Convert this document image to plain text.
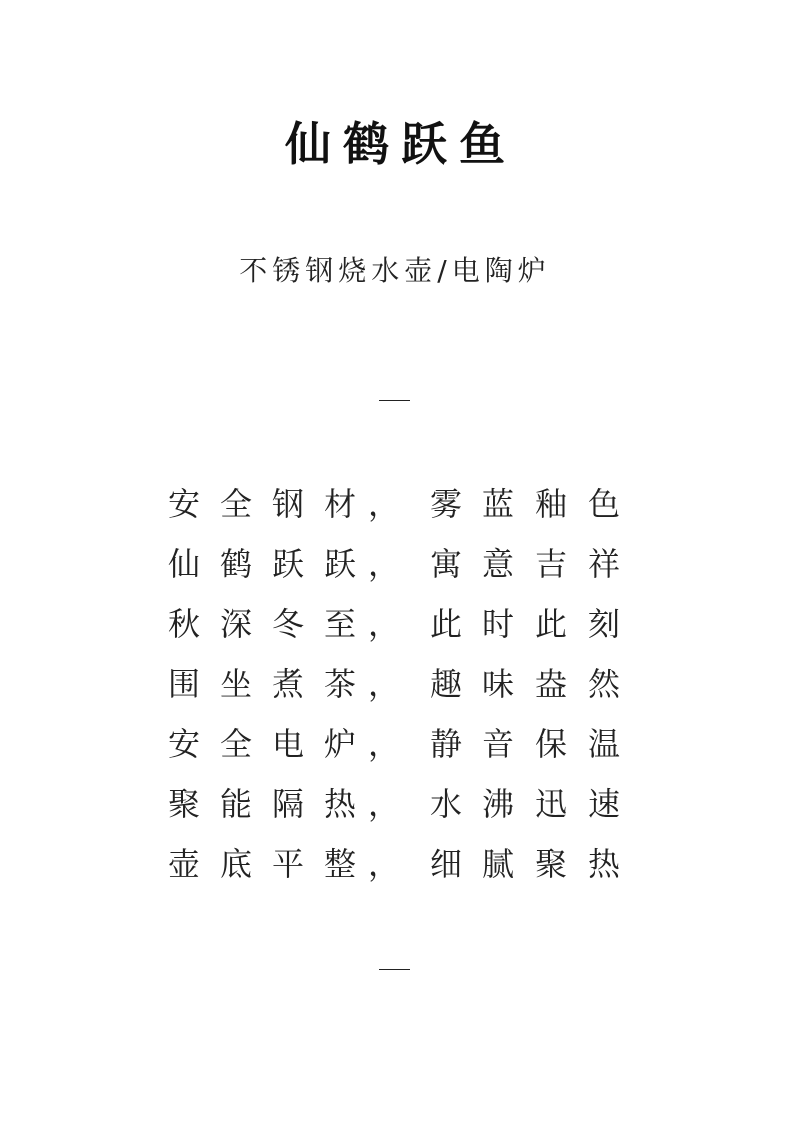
仙鹤跃鱼
不锈钢烧水壶/电陶炉
安 全 钢 材 ， 雾 蓝 釉 色
仙 鹤 跃 跃 ， 寓 意 吉 祥
秋 深 冬 至 ， 此 时 此 刻
围 坐 煮 茶 ， 趣 味 盎 然
安 全 电 炉 ， 静 音 保 温
聚 能 隔 热 ， 水 沸 迅 速
壶 底 平 整 ， 细 腻 聚 热
